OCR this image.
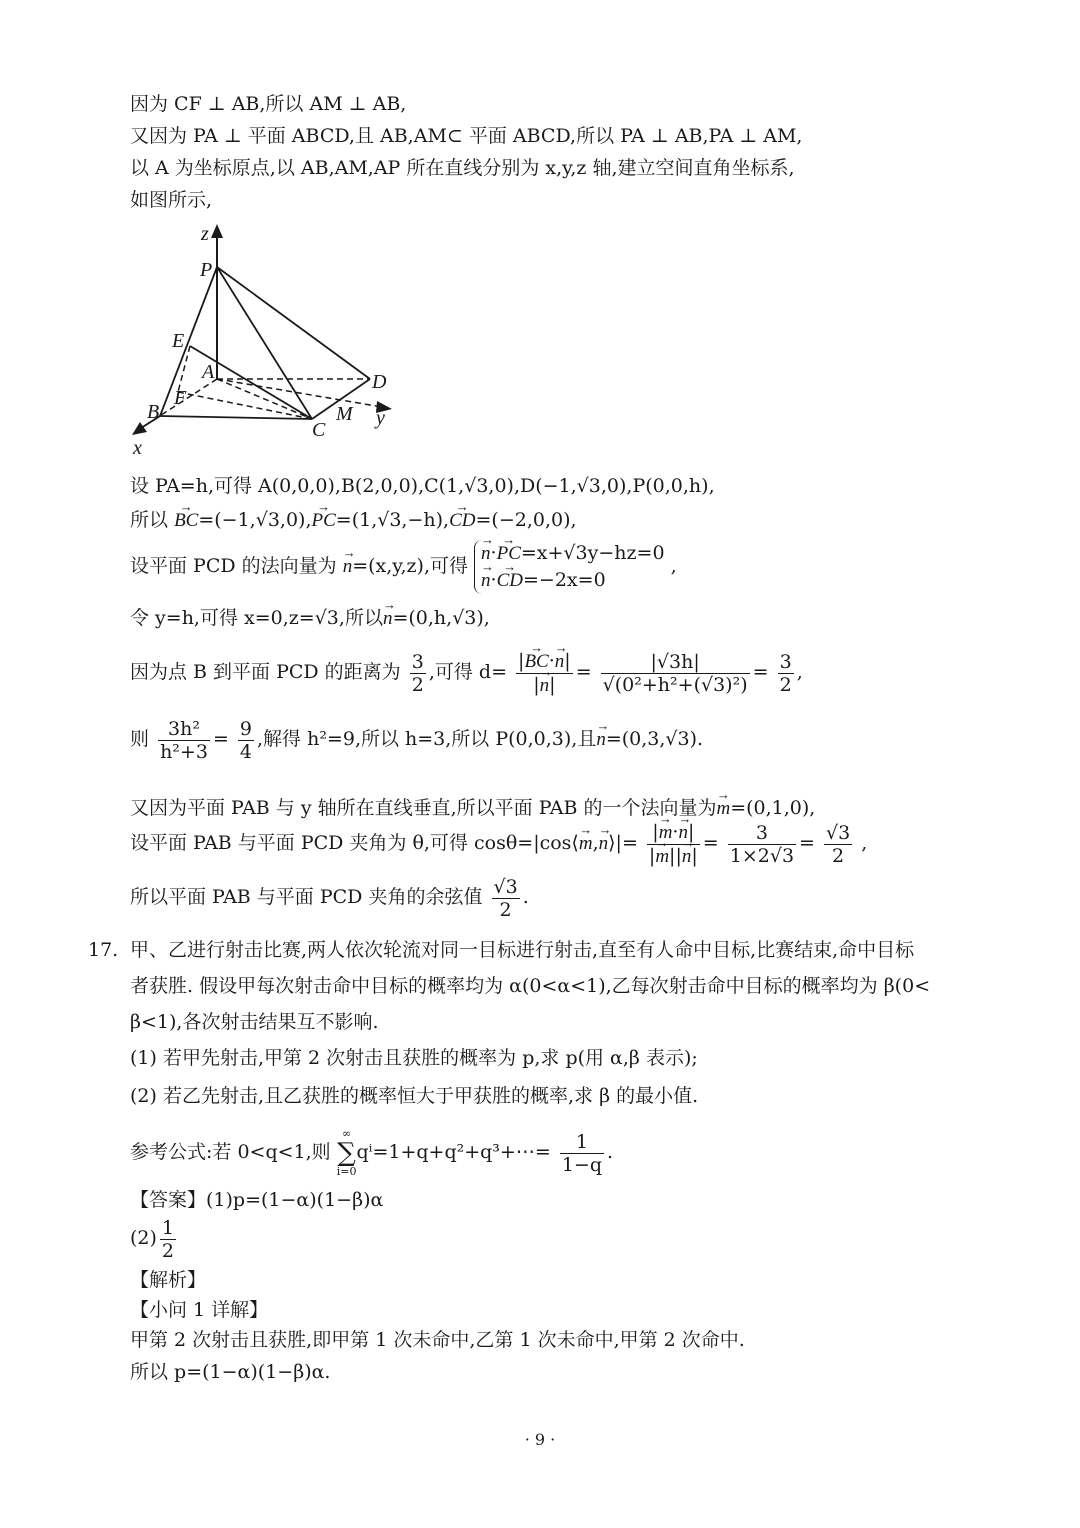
因为 CF ⊥ AB,所以 AM ⊥ AB,
又因为 PA ⊥ 平面 ABCD,且 AB,AM⊂ 平面 ABCD,所以 PA ⊥ AB,PA ⊥ AM,
以 A 为坐标原点,以 AB,AM,AP 所在直线分别为 x,y,z 轴,建立空间直角坐标系,
如图所示,
z
P
E
A	D
F
B	M y
C
x
设 PA=h,可得 A(0,0,0),B(2,0,0),C(1,√3,0),D(−1,√3,0),P(0,0,h),
所以 → BC=(−1,√3,0),→ PC=(1,√3,−h),→ CD=(−2,0,0),
设平面 PCD 的法向量为 → n=(x,y,z),可得
→ n·→ PC=x+√3y−hz=0
→ n·→ CD=−2x=0
,
令 y=h,可得 x=0,z=√3,所以→ n=(0,h,√3),
因为点 B 到平面 PCD 的距离为 $\frac{3}{2}$ ,可得 $d= \frac{|\to BC\cdot\to n|}{|\to n|} = \frac{|√3h|}{\text{√(0²+h²+(√3)²)}} = \frac{3}{2}$ ,
则 $\frac{\text{3h²}}{\text{h²+3}} = \frac{9}{4}$ ,解得 h²=9,所以 h=3,所以 P(0,0,3),且→ n=(0,3,√3).
又因为平面 PAB 与 y 轴所在直线垂直,所以平面 PAB 的一个法向量为→ m=(0,1,0),
设平面 PAB 与平面 PCD 夹角为 θ,可得 cosθ=|cos⟨→ m,→ n⟩|= $\frac{|\to m\cdot\to n|}{|\to m||\to n|} = \frac{3}{1\times 2√3} = \frac{√3}{2}$ ,
所以平面 PAB 与平面 PCD 夹角的余弦值 $\frac{√3}{2}$ .
17. 甲、乙进行射击比赛,两人依次轮流对同一目标进行射击,直至有人命中目标,比赛结束,命中目标
者获胜. 假设甲每次射击命中目标的概率均为 α(0<α<1),乙每次射击命中目标的概率均为 β(0<
β<1),各次射击结果互不影响.
(1) 若甲先射击,甲第 2 次射击且获胜的概率为 p,求 p(用 α,β 表示);
(2) 若乙先射击,且乙获胜的概率恒大于甲获胜的概率,求 β 的最小值.
参考公式:若 0<q<1,则
∞
∑
i=0
qⁱ=1+q+q²+q³+⋯= $\frac{1}{1-q}$ .
【答案】(1)p=(1−α)(1−β)α
$(2) \frac{1}{2}$
【解析】
【小问 1 详解】
甲第 2 次射击且获胜,即甲第 1 次未命中,乙第 1 次未命中,甲第 2 次命中.
所以 p=(1−α)(1−β)α.
· 9 ·
